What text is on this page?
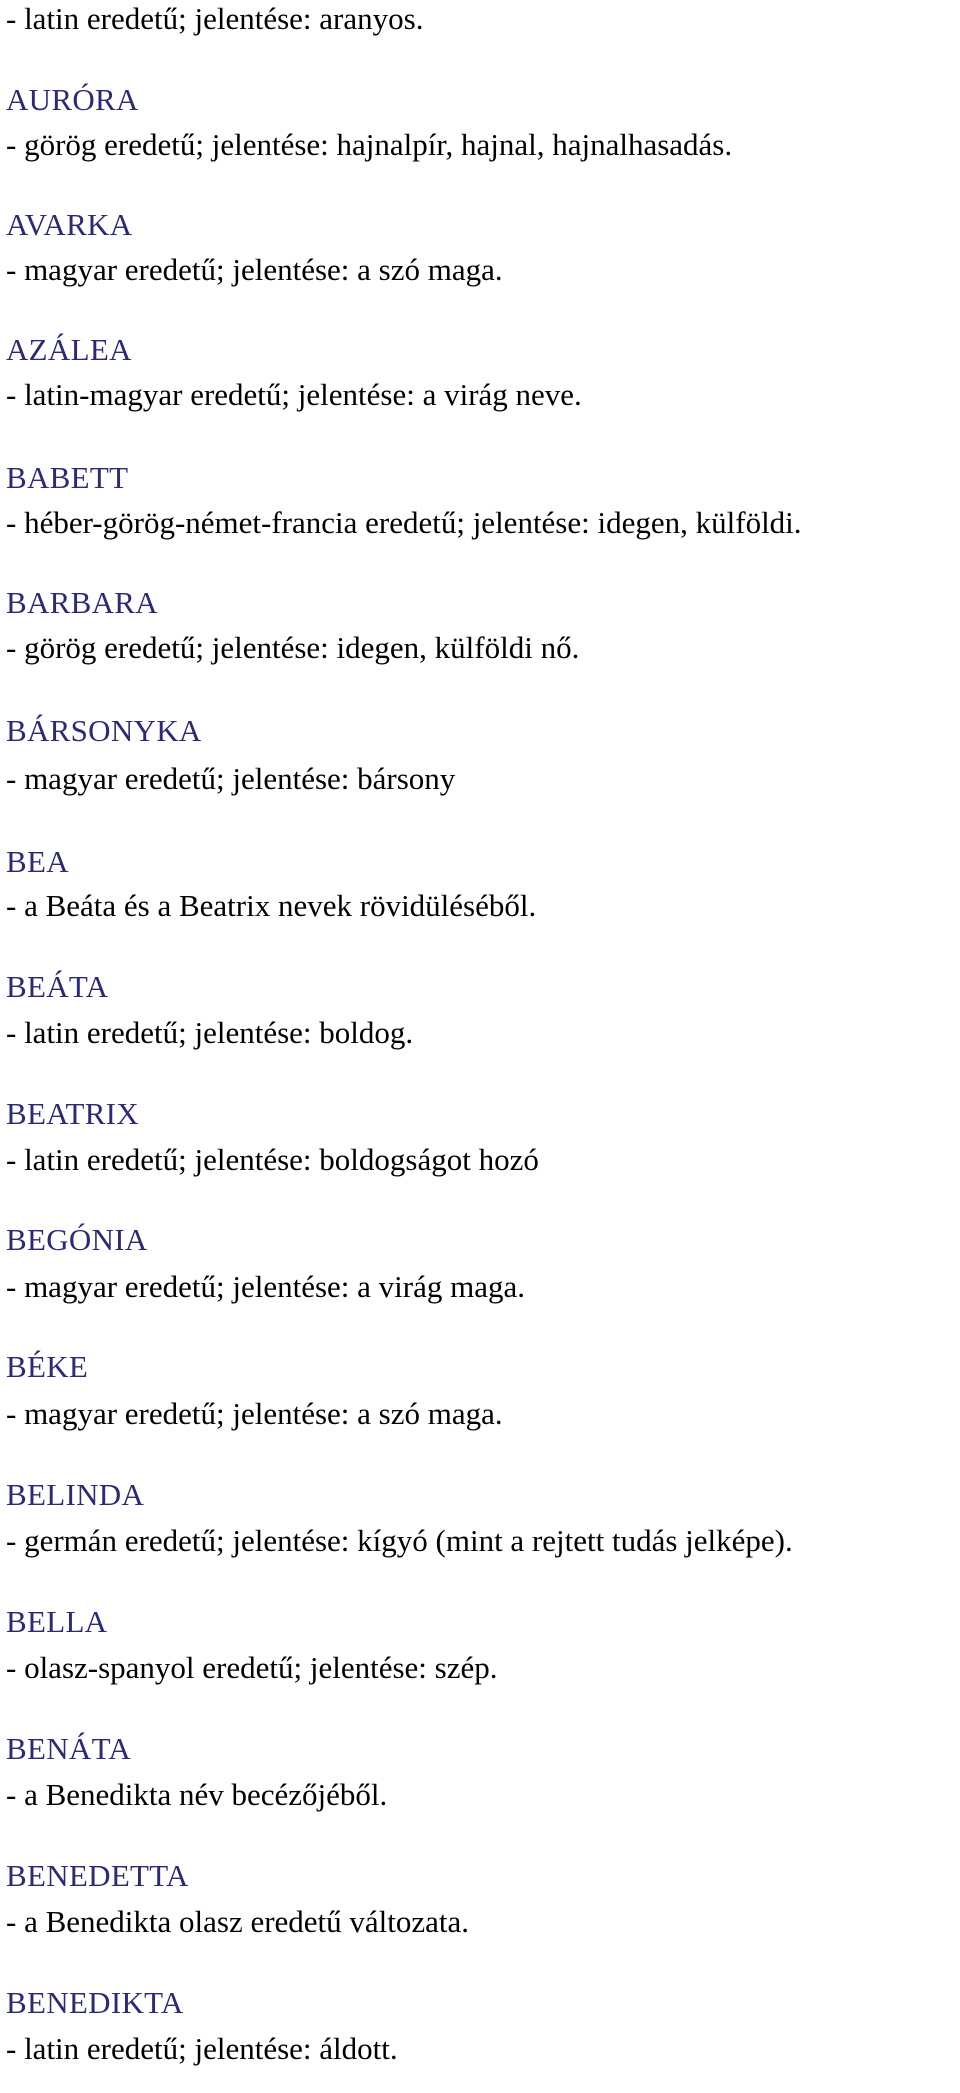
- latin eredetű; jelentése: aranyos.
AURÓRA
- görög eredetű; jelentése: hajnalpír, hajnal, hajnalhasadás.
AVARKA
- magyar eredetű; jelentése: a szó maga.
AZÁLEA
- latin-magyar eredetű; jelentése: a virág neve.
BABETT
- héber-görög-német-francia eredetű; jelentése: idegen, külföldi.
BARBARA
- görög eredetű; jelentése: idegen, külföldi nő.
BÁRSONYKA
- magyar eredetű; jelentése: bársony
BEA
- a Beáta és a Beatrix nevek rövidüléséből.
BEÁTA
- latin eredetű; jelentése: boldog.
BEATRIX
- latin eredetű; jelentése: boldogságot hozó
BEGÓNIA
- magyar eredetű; jelentése: a virág maga.
BÉKE
- magyar eredetű; jelentése: a szó maga.
BELINDA
- germán eredetű; jelentése: kígyó (mint a rejtett tudás jelképe).
BELLA
- olasz-spanyol eredetű; jelentése: szép.
BENÁTA
- a Benedikta név becézőjéből.
BENEDETTA
- a Benedikta olasz eredetű változata.
BENEDIKTA
- latin eredetű; jelentése: áldott.
